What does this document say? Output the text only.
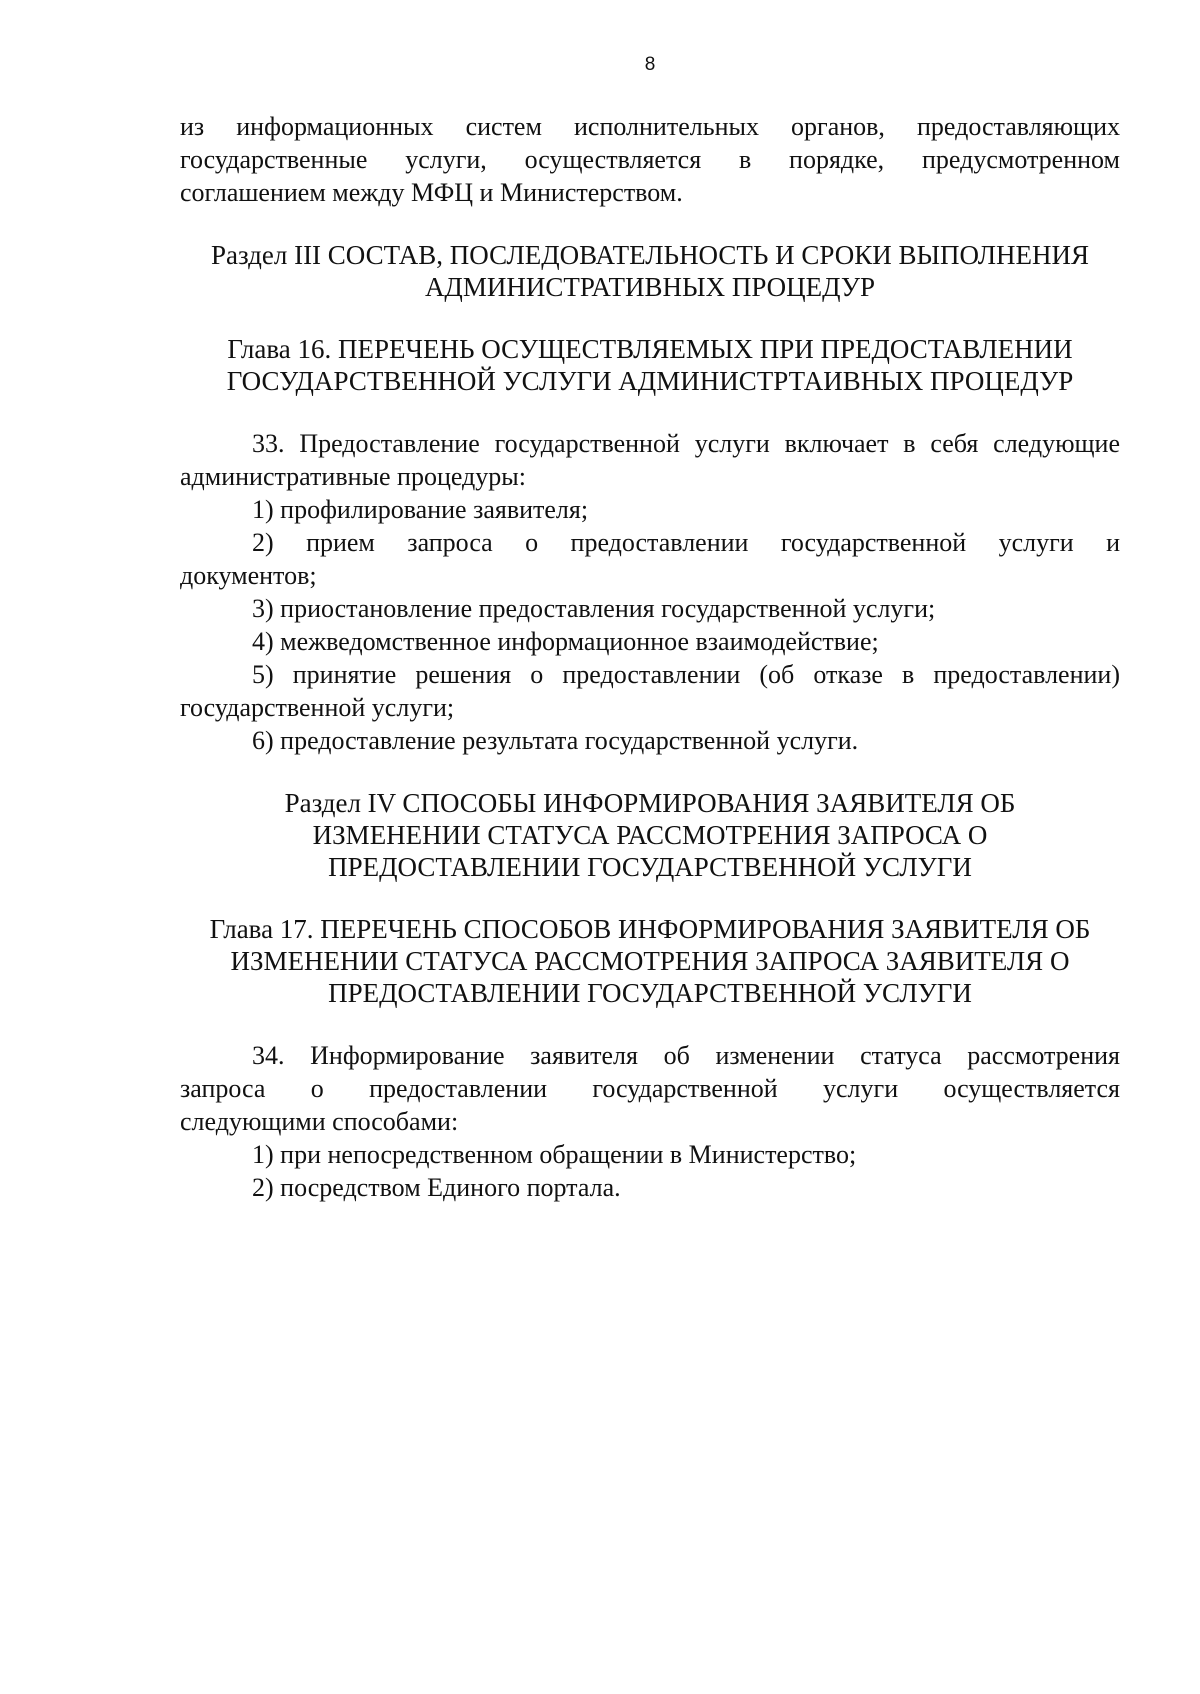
8
из информационных систем исполнительных органов, предоставляющих
государственные услуги, осуществляется в порядке, предусмотренном
соглашением между МФЦ и Министерством.
Раздел III СОСТАВ, ПОСЛЕДОВАТЕЛЬНОСТЬ И СРОКИ ВЫПОЛНЕНИЯ
АДМИНИСТРАТИВНЫХ ПРОЦЕДУР
Глава 16. ПЕРЕЧЕНЬ ОСУЩЕСТВЛЯЕМЫХ ПРИ ПРЕДОСТАВЛЕНИИ
ГОСУДАРСТВЕННОЙ УСЛУГИ АДМИНИСТРТАИВНЫХ ПРОЦЕДУР
33. Предоставление государственной услуги включает в себя следующие
административные процедуры:
1) профилирование заявителя;
2) прием запроса о предоставлении государственной услуги и
документов;
3) приостановление предоставления государственной услуги;
4) межведомственное информационное взаимодействие;
5) принятие решения о предоставлении (об отказе в предоставлении)
государственной услуги;
6) предоставление результата государственной услуги.
Раздел IV СПОСОБЫ ИНФОРМИРОВАНИЯ ЗАЯВИТЕЛЯ ОБ
ИЗМЕНЕНИИ СТАТУСА РАССМОТРЕНИЯ ЗАПРОСА О
ПРЕДОСТАВЛЕНИИ ГОСУДАРСТВЕННОЙ УСЛУГИ
Глава 17. ПЕРЕЧЕНЬ СПОСОБОВ ИНФОРМИРОВАНИЯ ЗАЯВИТЕЛЯ ОБ
ИЗМЕНЕНИИ СТАТУСА РАССМОТРЕНИЯ ЗАПРОСА ЗАЯВИТЕЛЯ О
ПРЕДОСТАВЛЕНИИ ГОСУДАРСТВЕННОЙ УСЛУГИ
34. Информирование заявителя об изменении статуса рассмотрения
запроса о предоставлении государственной услуги осуществляется
следующими способами:
1) при непосредственном обращении в Министерство;
2) посредством Единого портала.
